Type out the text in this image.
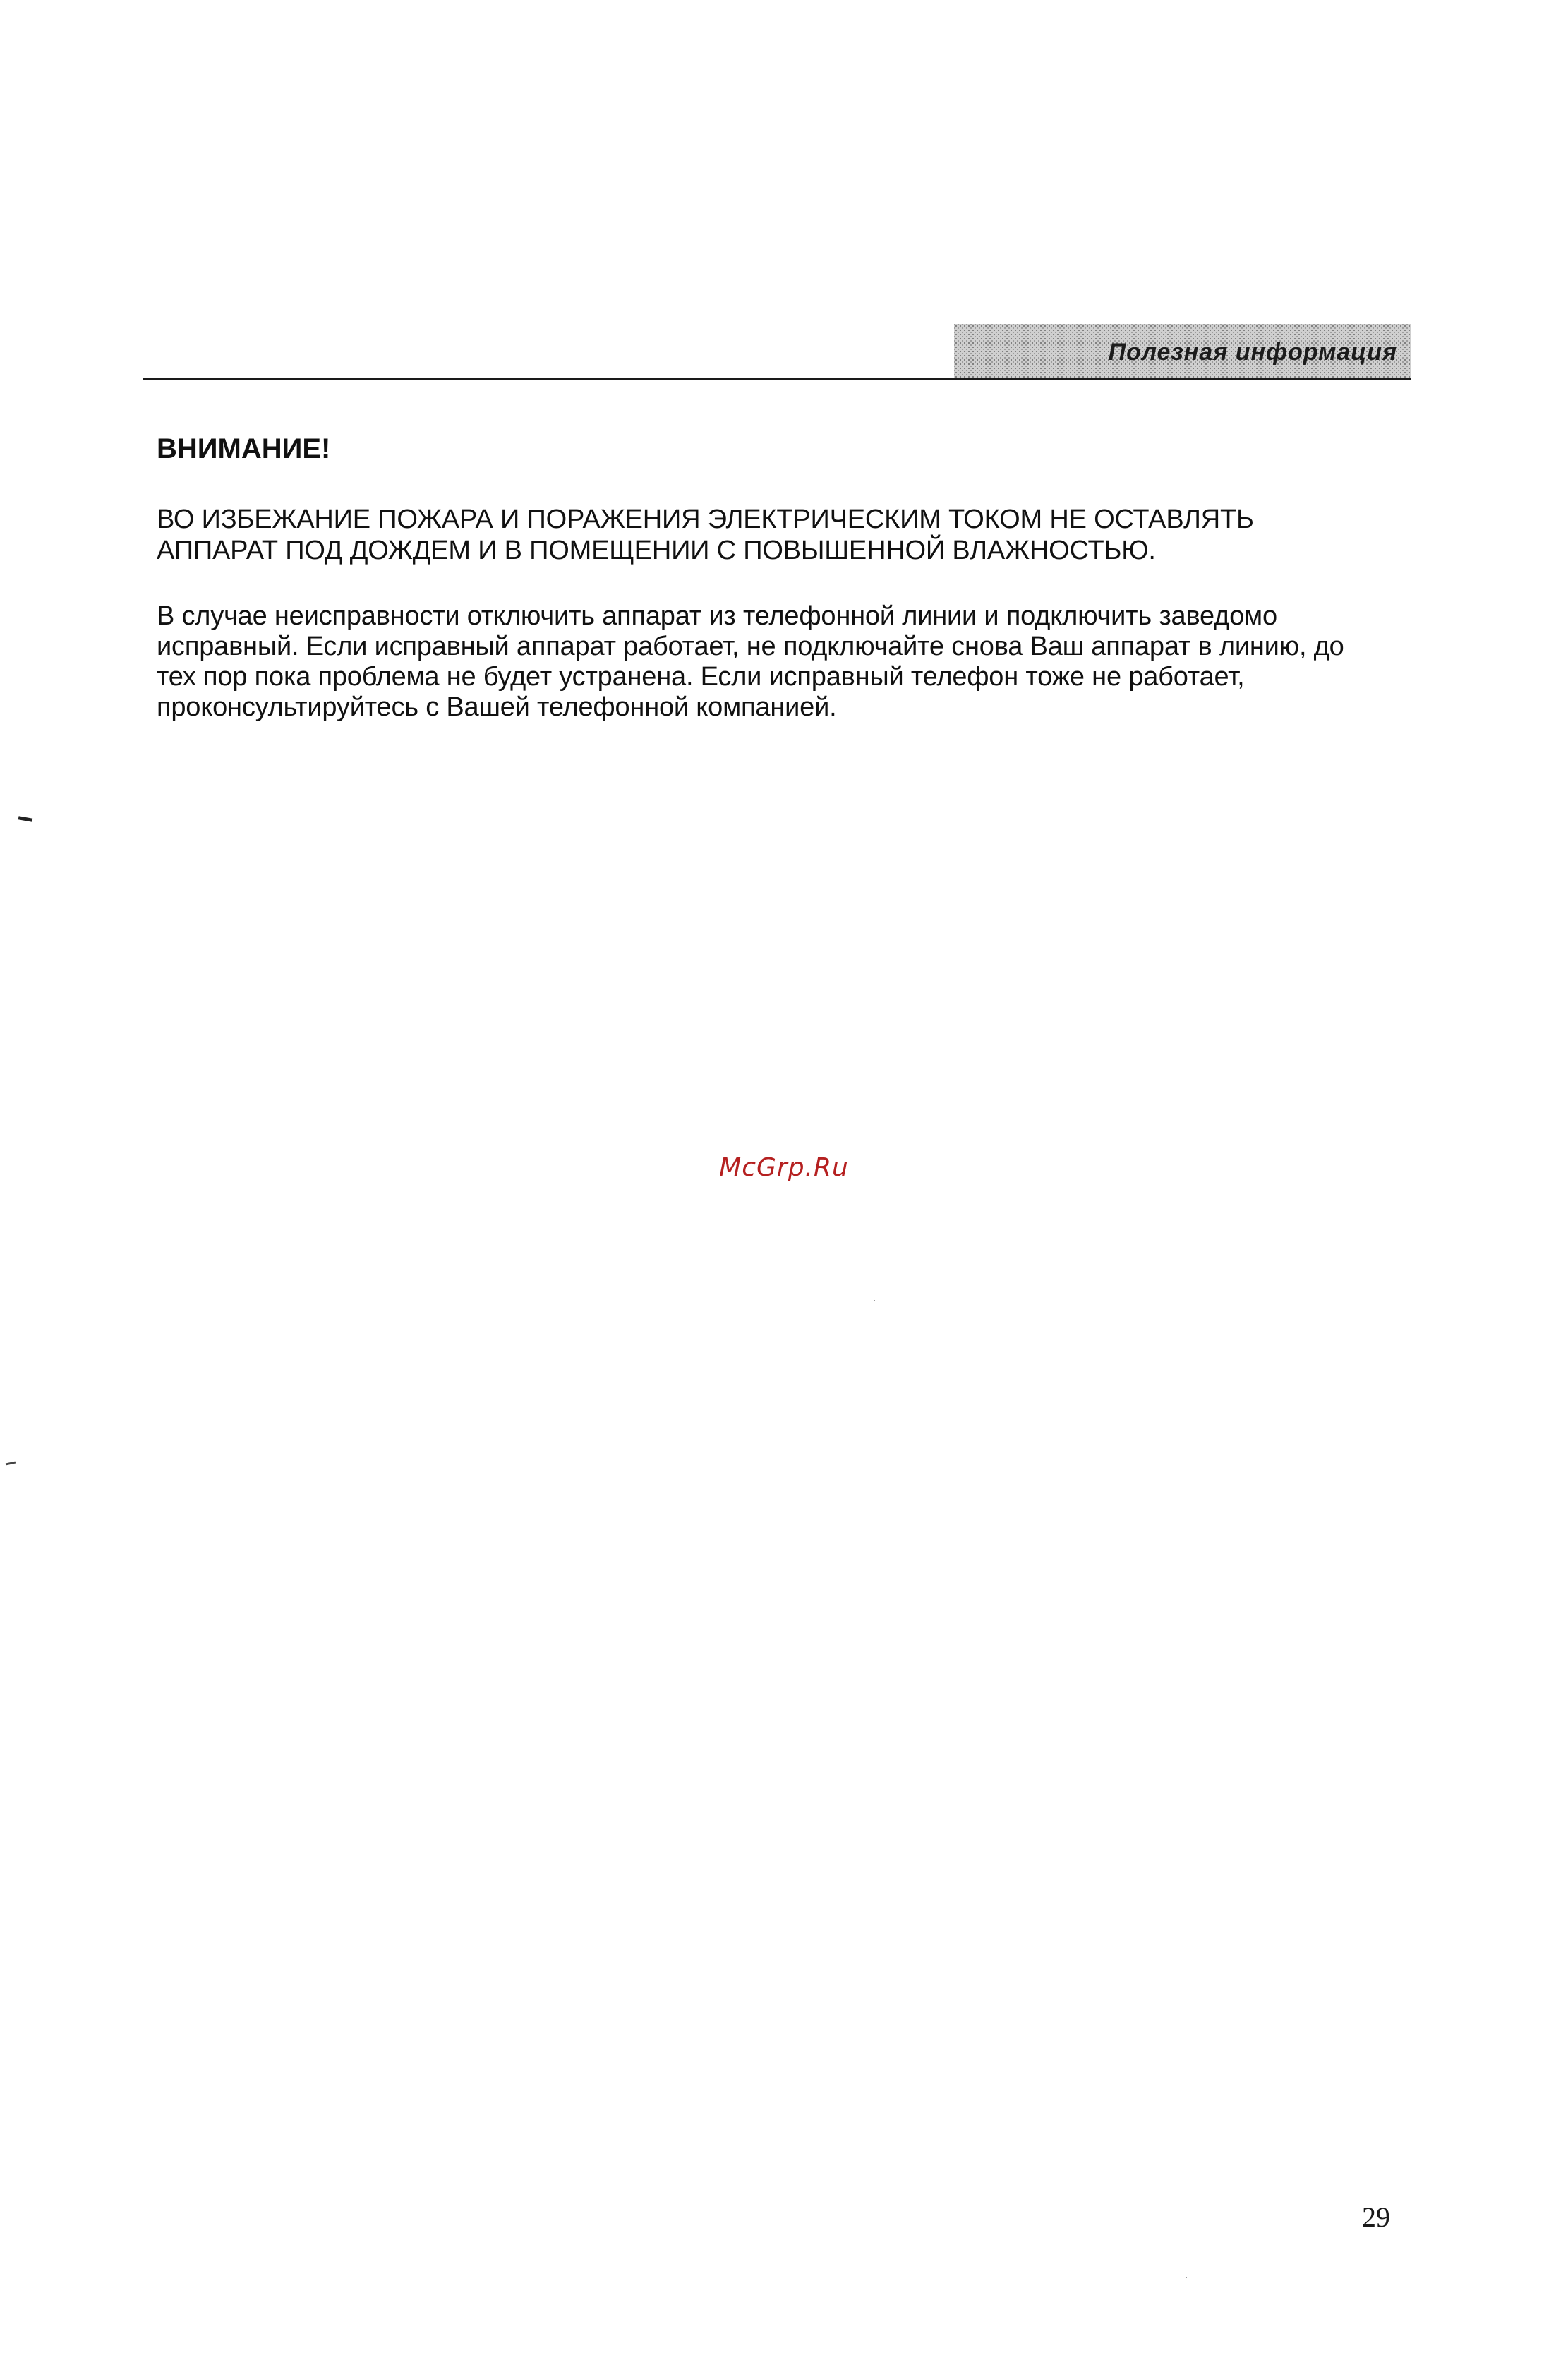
Полезная информация
ВНИМАНИЕ!

ВО ИЗБЕЖАНИЕ ПОЖАРА И ПОРАЖЕНИЯ ЭЛЕКТРИЧЕСКИМ ТОКОМ НЕ ОСТАВЛЯТЬ АППАРАТ ПОД ДОЖДЕМ И В ПОМЕЩЕНИИ С ПОВЫШЕННОЙ ВЛАЖНОСТЬЮ.

В случае неисправности отключить аппарат из телефонной линии и подключить заведомо исправный. Если исправный аппарат работает, не подключайте снова Ваш аппарат в линию, до тех пор пока проблема не будет устранена. Если исправный телефон тоже не работает, проконсультируйтесь с Вашей телефонной компанией.

McGrp.Ru
29
